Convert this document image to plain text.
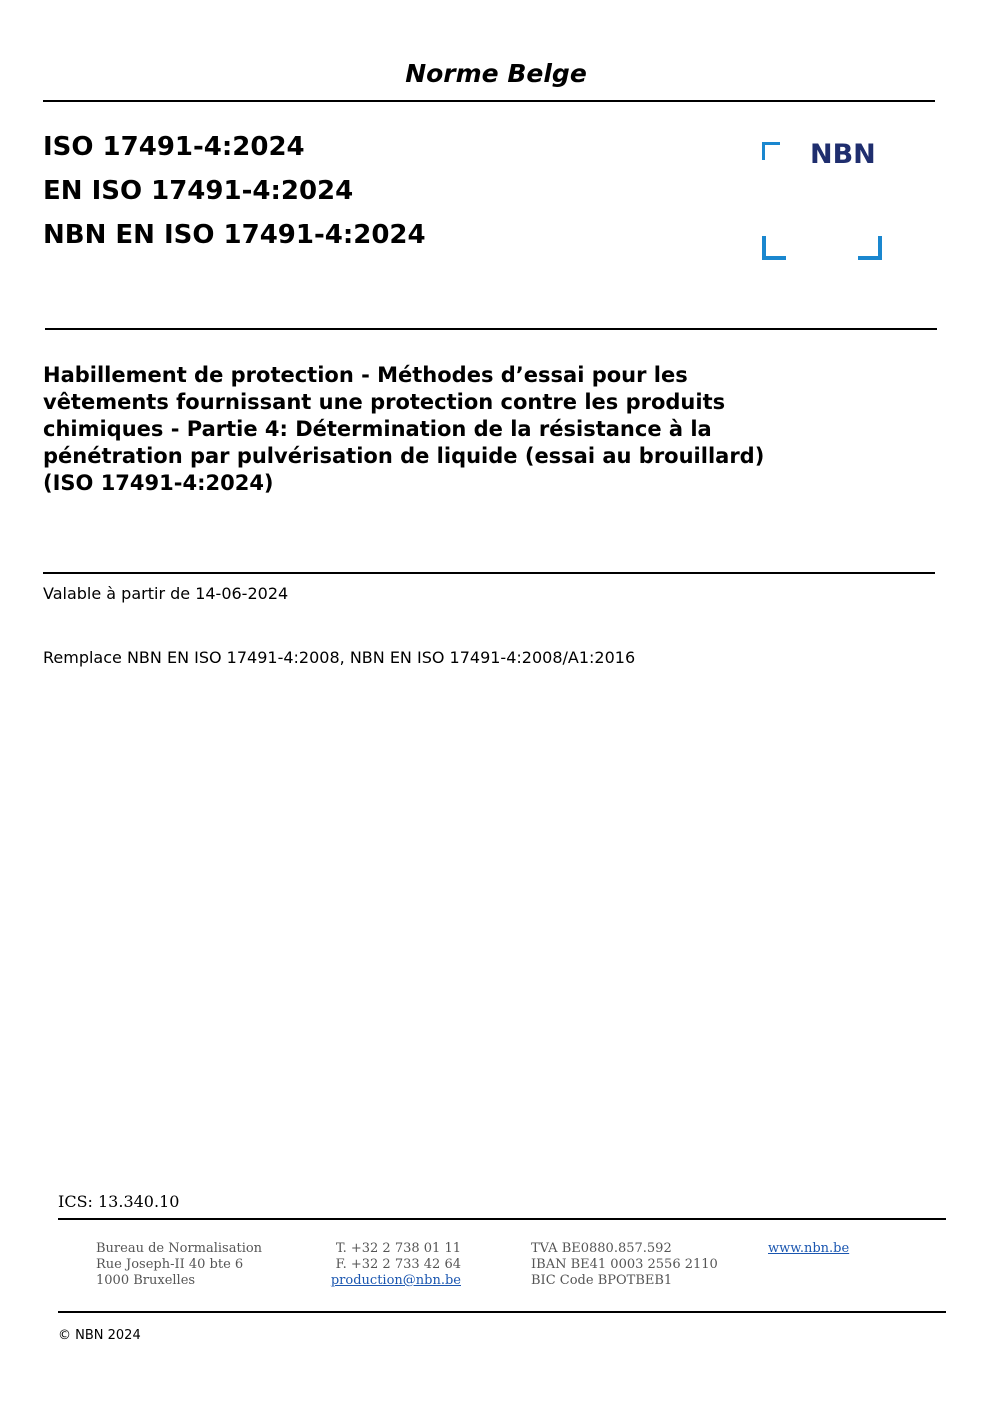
Norme Belge
ISO 17491-4:2024
EN ISO 17491-4:2024
NBN EN ISO 17491-4:2024
NBN
Habillement de protection - Méthodes d’essai pour les
vêtements fournissant une protection contre les produits
chimiques - Partie 4: Détermination de la résistance à la
pénétration par pulvérisation de liquide (essai au brouillard)
(ISO 17491-4:2024)
Valable à partir de 14-06-2024
Remplace NBN EN ISO 17491-4:2008, NBN EN ISO 17491-4:2008/A1:2016
ICS: 13.340.10
Bureau de Normalisation
Rue Joseph-II 40 bte 6
1000 Bruxelles
T. +32 2 738 01 11
F. +32 2 733 42 64
production@nbn.be
TVA BE0880.857.592
IBAN BE41 0003 2556 2110
BIC Code BPOTBEB1
www.nbn.be
© NBN 2024
